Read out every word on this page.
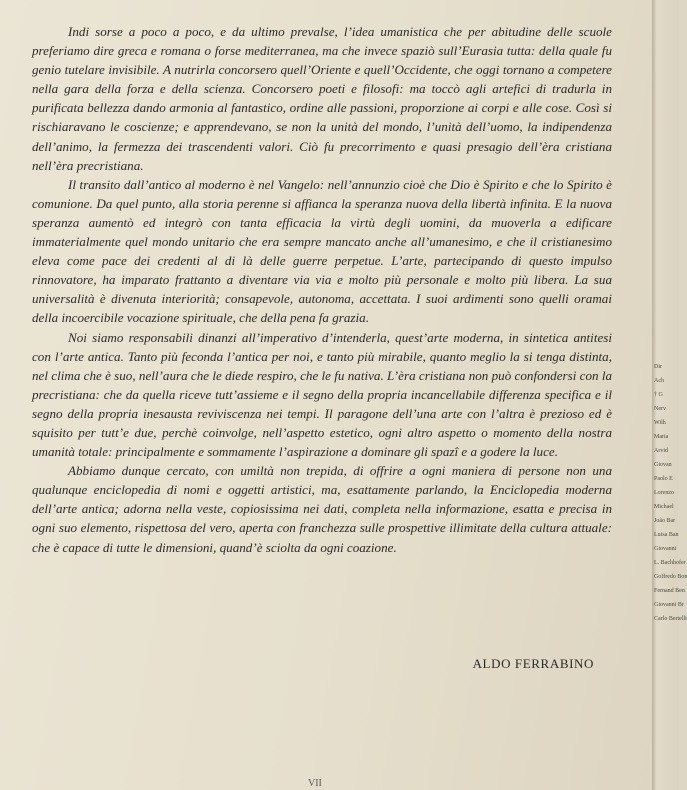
Indi sorse a poco a poco, e da ultimo prevalse, l’idea umanistica che per abitudine delle scuole preferiamo dire greca e romana o forse mediterranea, ma che invece spaziò sull’Eurasia tutta: della quale fu genio tutelare invisibile. A nutrirla concorsero quell’Oriente e quell’Occidente, che oggi tornano a competere nella gara della forza e della scienza. Concorsero poeti e filosofi: ma toccò agli artefici di tradurla in purificata bellezza dando armonia al fantastico, ordine alle passioni, proporzione ai corpi e alle cose. Così si rischiaravano le coscienze; e apprendevano, se non la unità del mondo, l’unità dell’uomo, la indipendenza dell’animo, la fermezza dei trascendenti valori. Ciò fu precorrimento e quasi presagio dell’èra cristiana nell’èra precristiana.

Il transito dall’antico al moderno è nel Vangelo: nell’annunzio cioè che Dio è Spirito e che lo Spirito è comunione. Da quel punto, alla storia perenne si affianca la speranza nuova della libertà infinita. E la nuova speranza aumentò ed integrò con tanta efficacia la virtù degli uomini, da muoverla a edificare immaterialmente quel mondo unitario che era sempre mancato anche all’umanesimo, e che il cristianesimo eleva come pace dei credenti al di là delle guerre perpetue. L’arte, partecipando di questo impulso rinnovatore, ha imparato frattanto a diventare via via e molto più personale e molto più libera. La sua universalità è divenuta interiorità; consapevole, autonoma, accettata. I suoi ardimenti sono quelli oramai della incoercibile vocazione spirituale, che della pena fa grazia.

Noi siamo responsabili dinanzi all’imperativo d’intenderla, quest’arte moderna, in sintetica antitesi con l’arte antica. Tanto più feconda l’antica per noi, e tanto più mirabile, quanto meglio la si tenga distinta, nel clima che è suo, nell’aura che le diede respiro, che le fu nativa. L’èra cristiana non può confondersi con la precristiana: che da quella riceve tutt’assieme e il segno della propria incancellabile differenza specifica e il segno della propria inesausta reviviscenza nei tempi. Il paragone dell’una arte con l’altra è prezioso ed è squisito per tutt’e due, perchè coinvolge, nell’aspetto estetico, ogni altro aspetto o momento della nostra umanità totale: principalmente e sommamente l’aspirazione a dominare gli spazî e a godere la luce.

Abbiamo dunque cercato, con umiltà non trepida, di offrire a ogni maniera di persone non una qualunque enciclopedia di nomi e oggetti artistici, ma, esattamente parlando, la Enciclopedia moderna dell’arte antica; adorna nella veste, copiosissima nei dati, completa nella informazione, esatta e precisa in ogni suo elemento, rispettosa del vero, aperta con franchezza sulle prospettive illimitate della cultura attuale: che è capace di tutte le dimensioni, quand’è sciolta da ogni coazione.

ALDO FERRABINO
VII
Dir
Ach
† G
Nerv
Wilh
Maria
Arvid
Giovan
Paolo E
Lorenzo
Michael
João Bar
Luisa Ban
Giovanni
L. Bachhofer
Goffredo Bon
Fernand Ben
Giovanni Br
Carlo Bertelli
